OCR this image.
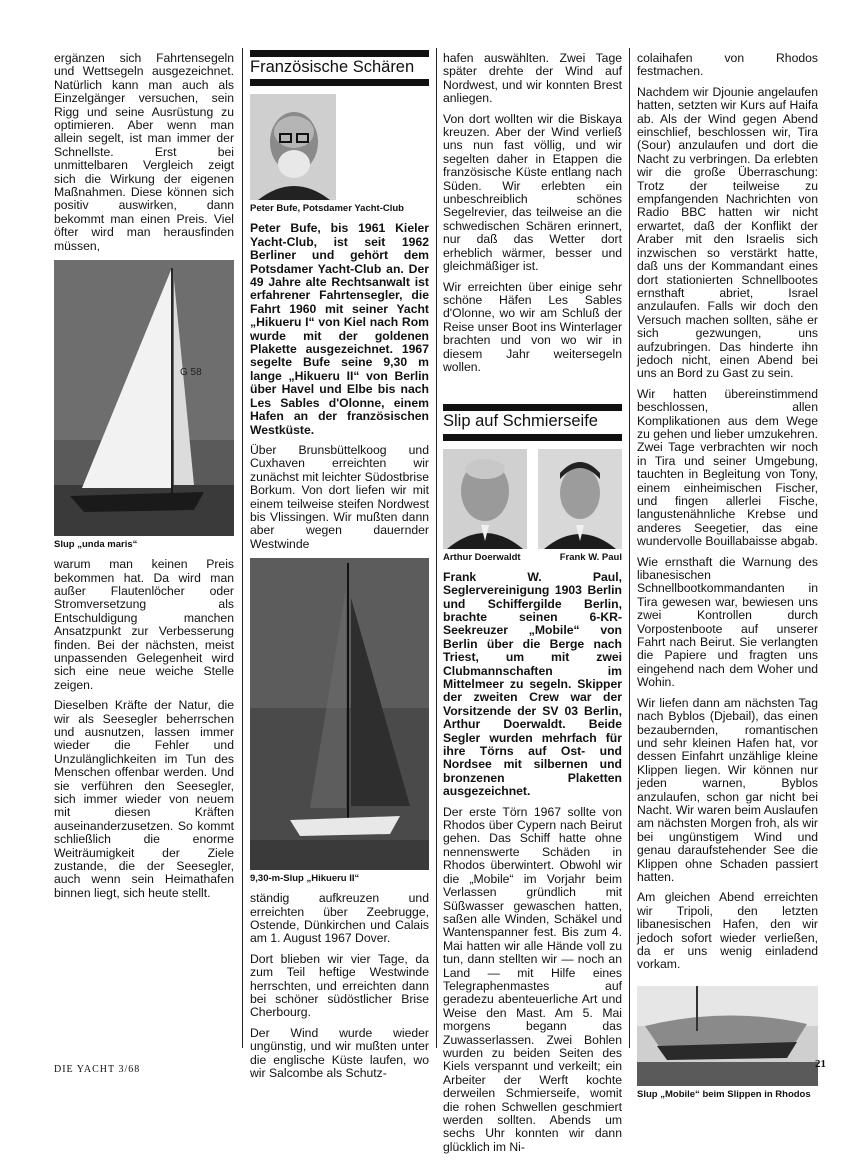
ergänzen sich Fahrtensegeln und Wettsegeln ausgezeichnet. Natürlich kann man auch als Einzelgänger versuchen, sein Rigg und seine Ausrüstung zu optimieren. Aber wenn man allein segelt, ist man immer der Schnellste. Erst bei unmittelbaren Vergleich zeigt sich die Wirkung der eigenen Maßnahmen. Diese können sich positiv auswirken, dann bekommt man einen Preis. Viel öfter wird man herausfinden müssen,

G 58
Slup „unda maris“

warum man keinen Preis bekommen hat. Da wird man außer Flautenlöcher oder Stromversetzung als Entschuldigung manchen Ansatzpunkt zur Verbesserung finden. Bei der nächsten, meist unpassenden Gelegenheit wird sich eine neue weiche Stelle zeigen.

Dieselben Kräfte der Natur, die wir als Seesegler beherrschen und ausnutzen, lassen immer wieder die Fehler und Unzulänglichkeiten im Tun des Menschen offenbar werden. Und sie verführen den Seesegler, sich immer wieder von neuem mit diesen Kräften auseinanderzusetzen. So kommt schließlich die enorme Weiträumigkeit der Ziele zustande, die der Seesegler, auch wenn sein Heimathafen binnen liegt, sich heute stellt.

Französische Schären
Peter Bufe, Potsdamer Yacht-Club

Peter Bufe, bis 1961 Kieler Yacht-Club, ist seit 1962 Berliner und gehört dem Potsdamer Yacht-Club an. Der 49 Jahre alte Rechtsanwalt ist erfahrener Fahrtensegler, die Fahrt 1960 mit seiner Yacht „Hikueru I“ von Kiel nach Rom wurde mit der goldenen Plakette ausgezeichnet. 1967 segelte Bufe seine 9,30 m lange „Hikueru II“ von Berlin über Havel und Elbe bis nach Les Sables d'Olonne, einem Hafen an der französischen Westküste.

Über Brunsbüttelkoog und Cuxhaven erreichten wir zunächst mit leichter Südostbrise Borkum. Von dort liefen wir mit einem teilweise steifen Nordwest bis Vlissingen. Wir mußten dann aber wegen dauernder Westwinde

9,30-m-Slup „Hikueru II“

ständig aufkreuzen und erreichten über Zeebrugge, Ostende, Dünkirchen und Calais am 1. August 1967 Dover.

Dort blieben wir vier Tage, da zum Teil heftige Westwinde herrschten, und erreichten dann bei schöner südöstlicher Brise Cherbourg.

Der Wind wurde wieder ungünstig, und wir mußten unter die englische Küste laufen, wo wir Salcombe als Schutz-

hafen auswählten. Zwei Tage später drehte der Wind auf Nordwest, und wir konnten Brest anliegen.

Von dort wollten wir die Biskaya kreuzen. Aber der Wind verließ uns nun fast völlig, und wir segelten daher in Etappen die französische Küste entlang nach Süden. Wir erlebten ein unbeschreiblich schönes Segelrevier, das teilweise an die schwedischen Schären erinnert, nur daß das Wetter dort erheblich wärmer, besser und gleichmäßiger ist.

Wir erreichten über einige sehr schöne Häfen Les Sables d'Olonne, wo wir am Schluß der Reise unser Boot ins Winterlager brachten und von wo wir in diesem Jahr weitersegeln wollen.

Slip auf Schmierseife
Arthur Doerwaldt	Frank W. Paul

Frank W. Paul, Seglervereinigung 1903 Berlin und Schiffergilde Berlin, brachte seinen 6-KR-Seekreuzer „Mobile“ von Berlin über die Berge nach Triest, um mit zwei Clubmannschaften im Mittelmeer zu segeln. Skipper der zweiten Crew war der Vorsitzende der SV 03 Berlin, Arthur Doerwaldt. Beide Segler wurden mehrfach für ihre Törns auf Ost- und Nordsee mit silbernen und bronzenen Plaketten ausgezeichnet.

Der erste Törn 1967 sollte von Rhodos über Cypern nach Beirut gehen. Das Schiff hatte ohne nennenswerte Schäden in Rhodos überwintert. Obwohl wir die „Mobile“ im Vorjahr beim Verlassen gründlich mit Süßwasser gewaschen hatten, saßen alle Winden, Schäkel und Wantenspanner fest. Bis zum 4. Mai hatten wir alle Hände voll zu tun, dann stellten wir — noch an Land — mit Hilfe eines Telegraphenmastes auf geradezu abenteuerliche Art und Weise den Mast. Am 5. Mai morgens begann das Zuwasserlassen. Zwei Bohlen wurden zu beiden Seiten des Kiels verspannt und verkeilt; ein Arbeiter der Werft kochte derweilen Schmierseife, womit die rohen Schwellen geschmiert werden sollten. Abends um sechs Uhr konnten wir dann glücklich im Ni-

colaihafen von Rhodos festmachen.

Nachdem wir Djounie angelaufen hatten, setzten wir Kurs auf Haifa ab. Als der Wind gegen Abend einschlief, beschlossen wir, Tira (Sour) anzulaufen und dort die Nacht zu verbringen. Da erlebten wir die große Überraschung: Trotz der teilweise zu empfangenden Nachrichten von Radio BBC hatten wir nicht erwartet, daß der Konflikt der Araber mit den Israelis sich inzwischen so verstärkt hatte, daß uns der Kommandant eines dort stationierten Schnellbootes ernsthaft abriet, Israel anzulaufen. Falls wir doch den Versuch machen sollten, sähe er sich gezwungen, uns aufzubringen. Das hinderte ihn jedoch nicht, einen Abend bei uns an Bord zu Gast zu sein.

Wir hatten übereinstimmend beschlossen, allen Komplikationen aus dem Wege zu gehen und lieber umzukehren. Zwei Tage verbrachten wir noch in Tira und seiner Umgebung, tauchten in Begleitung von Tony, einem einheimischen Fischer, und fingen allerlei Fische, langustenähnliche Krebse und anderes Seegetier, das eine wundervolle Bouillabaisse abgab.

Wie ernsthaft die Warnung des libanesischen Schnellbootkommandanten in Tira gewesen war, bewiesen uns zwei Kontrollen durch Vorpostenboote auf unserer Fahrt nach Beirut. Sie verlangten die Papiere und fragten uns eingehend nach dem Woher und Wohin.

Wir liefen dann am nächsten Tag nach Byblos (Djebail), das einen bezaubernden, romantischen und sehr kleinen Hafen hat, vor dessen Einfahrt unzählige kleine Klippen liegen. Wir können nur jeden warnen, Byblos anzulaufen, schon gar nicht bei Nacht. Wir waren beim Auslaufen am nächsten Morgen froh, als wir bei ungünstigem Wind und genau daraufstehender See die Klippen ohne Schaden passiert hatten.

Am gleichen Abend erreichten wir Tripoli, den letzten libanesischen Hafen, den wir jedoch sofort wieder verließen, da er uns wenig einladend vorkam.

Slup „Mobile“ beim Slippen in Rhodos
DIE YACHT 3/68	21
